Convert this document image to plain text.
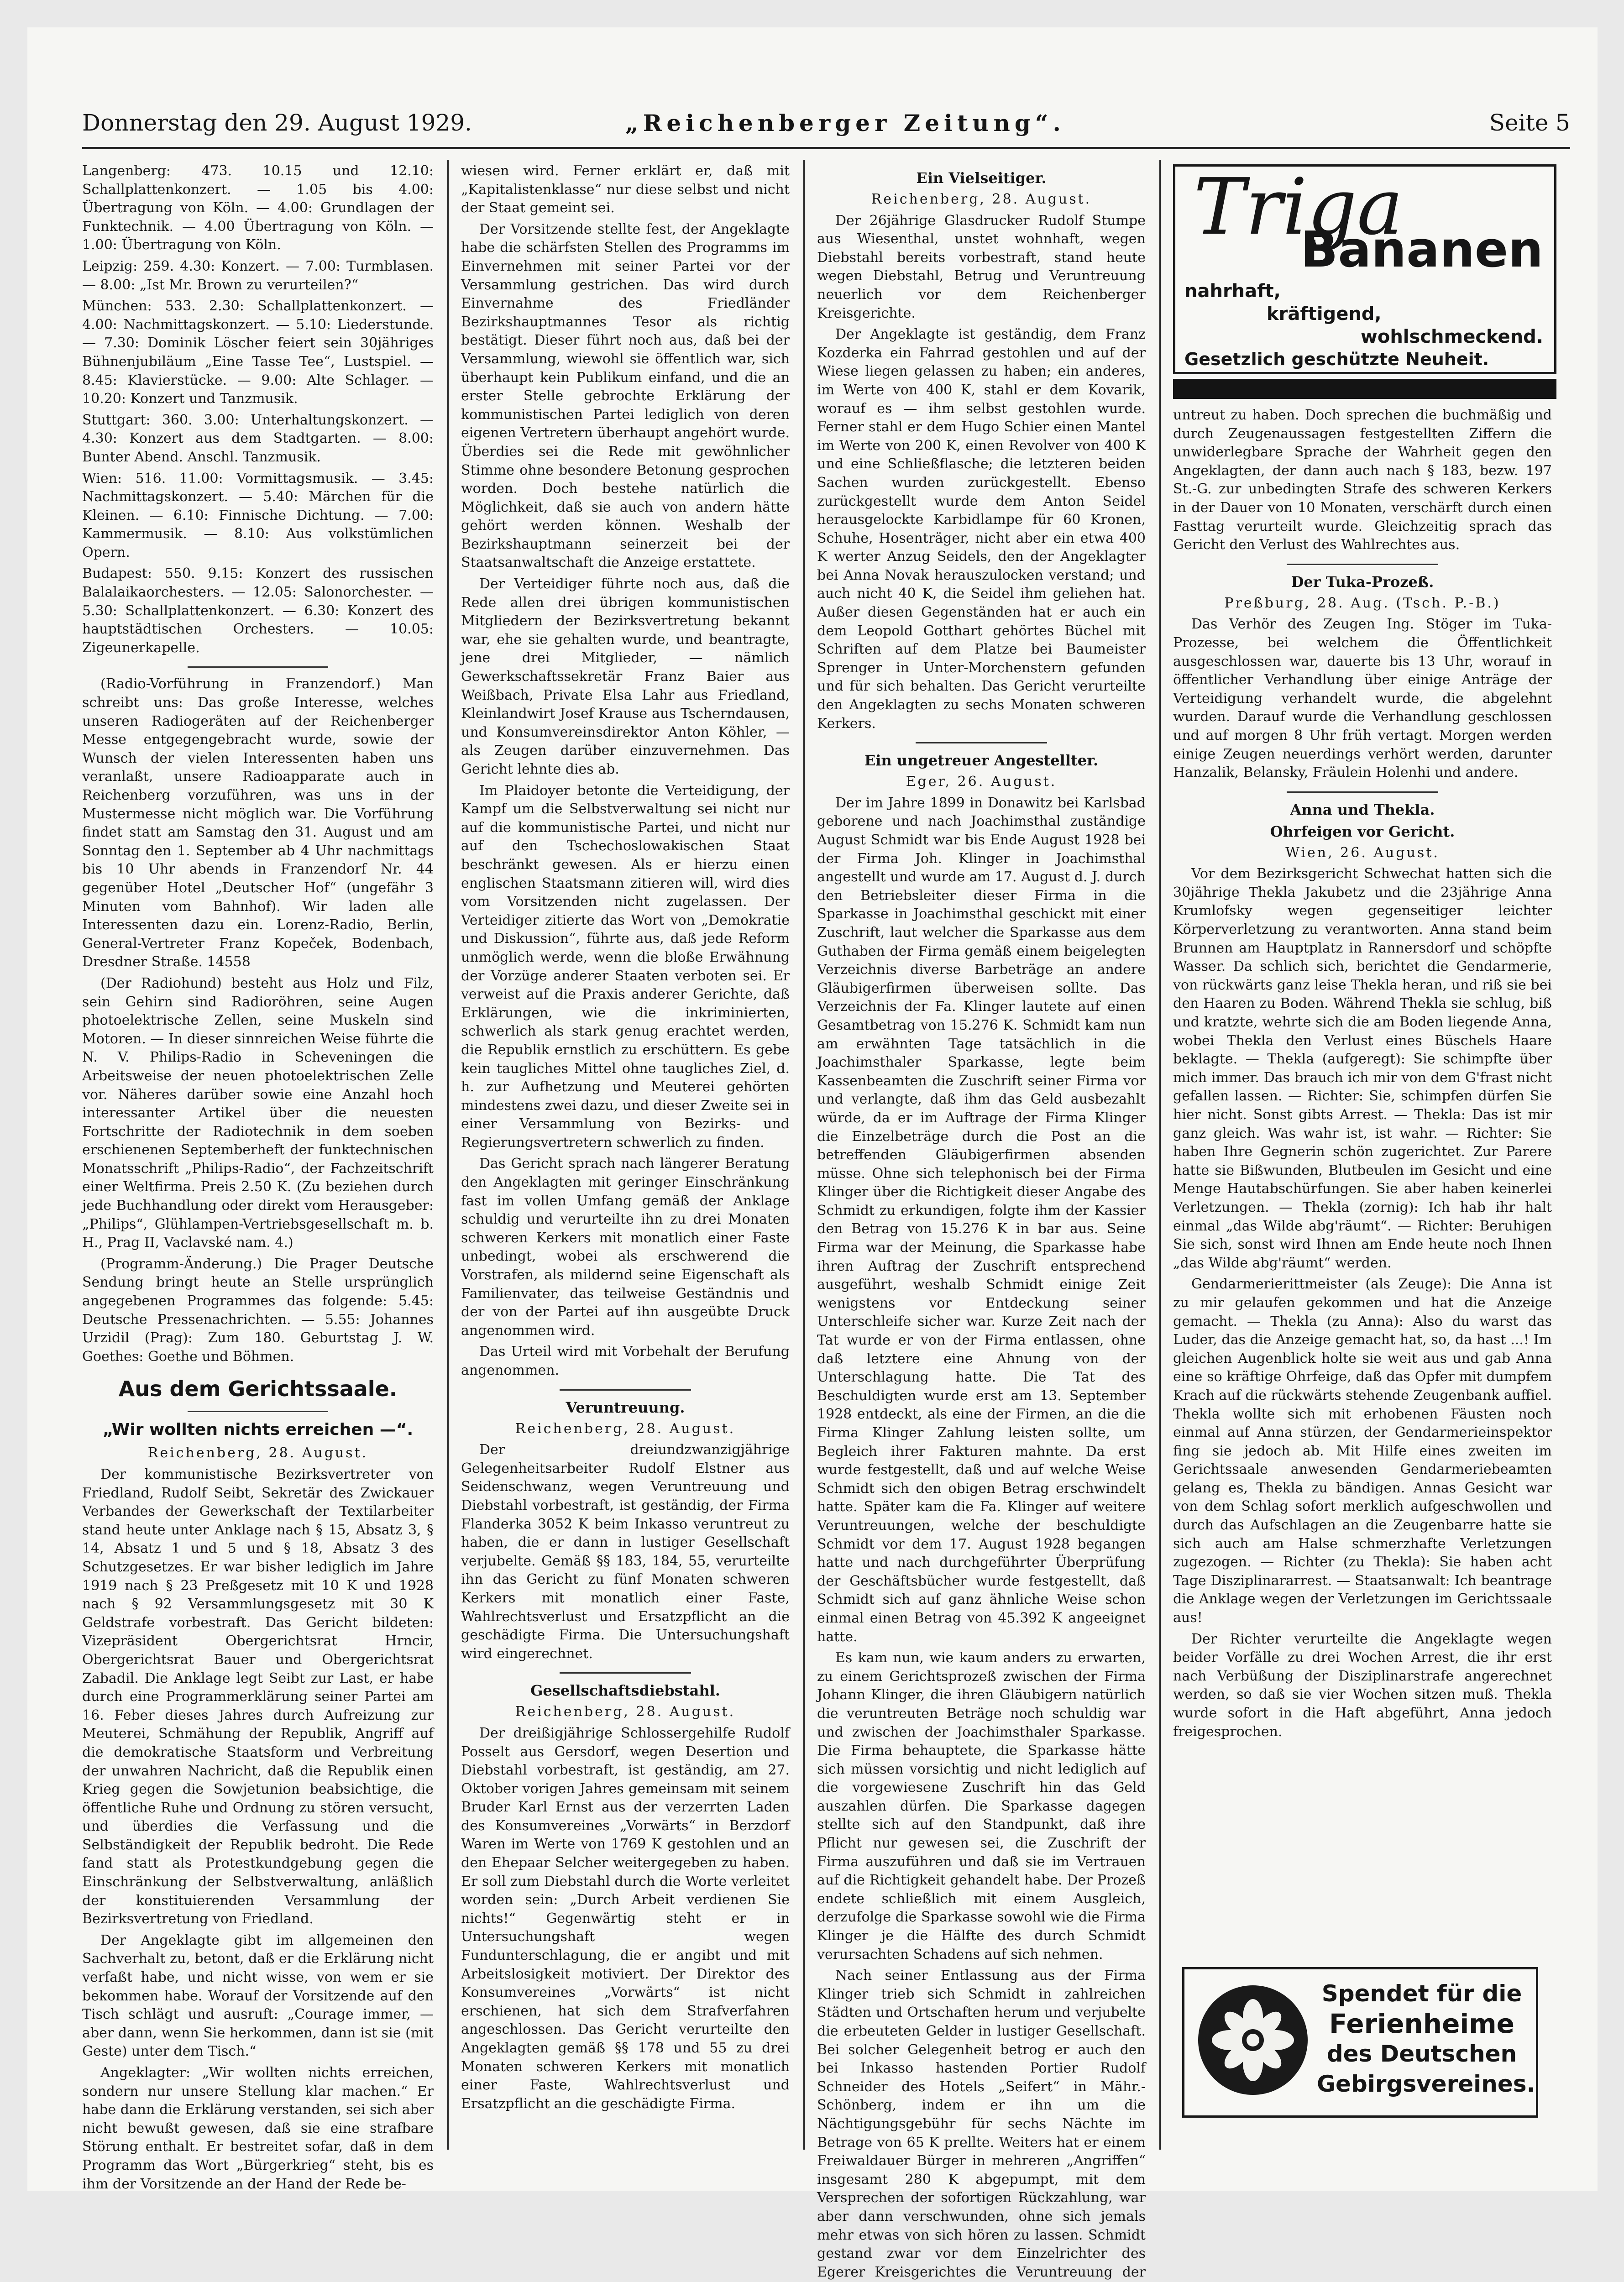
Donnerstag den 29. August 1929.	„Reichenberger Zeitung“.	Seite 5

Langenberg: 473. 10.15 und 12.10: Schallplattenkonzert. — 1.05 bis 4.00: Übertragung von Köln. — 4.00: Grundlagen der Funktechnik. — 4.00 Übertragung von Köln. — 1.00: Übertragung von Köln.

Leipzig: 259. 4.30: Konzert. — 7.00: Turmblasen. — 8.00: „Ist Mr. Brown zu verurteilen?“

München: 533. 2.30: Schallplattenkonzert. — 4.00: Nachmittagskonzert. — 5.10: Liederstunde. — 7.30: Dominik Löscher feiert sein 30jähriges Bühnenjubiläum „Eine Tasse Tee“, Lustspiel. — 8.45: Klavierstücke. — 9.00: Alte Schlager. — 10.20: Konzert und Tanzmusik.

Stuttgart: 360. 3.00: Unterhaltungskonzert. — 4.30: Konzert aus dem Stadtgarten. — 8.00: Bunter Abend. Anschl. Tanzmusik.

Wien: 516. 11.00: Vormittagsmusik. — 3.45: Nachmittagskonzert. — 5.40: Märchen für die Kleinen. — 6.10: Finnische Dichtung. — 7.00: Kammermusik. — 8.10: Aus volkstümlichen Opern.

Budapest: 550. 9.15: Konzert des russischen Balalaikaorchesters. — 12.05: Salonorchester. — 5.30: Schallplattenkonzert. — 6.30: Konzert des hauptstädtischen Orchesters. — 10.05: Zigeunerkapelle.

(Radio-Vorführung in Franzendorf.) Man schreibt uns: Das große Interesse, welches unseren Radiogeräten auf der Reichenberger Messe entgegengebracht wurde, sowie der Wunsch der vielen Interessenten haben uns veranlaßt, unsere Radioapparate auch in Reichenberg vorzuführen, was uns in der Mustermesse nicht möglich war. Die Vorführung findet statt am Samstag den 31. August und am Sonntag den 1. September ab 4 Uhr nachmittags bis 10 Uhr abends in Franzendorf Nr. 44 gegenüber Hotel „Deutscher Hof“ (ungefähr 3 Minuten vom Bahnhof). Wir laden alle Interessenten dazu ein. Lorenz-Radio, Berlin, General-Vertreter Franz Kopeček, Bodenbach, Dresdner Straße. 14558

(Der Radiohund) besteht aus Holz und Filz, sein Gehirn sind Radioröhren, seine Augen photoelektrische Zellen, seine Muskeln sind Motoren. — In dieser sinnreichen Weise führte die N. V. Philips-Radio in Scheveningen die Arbeitsweise der neuen photoelektrischen Zelle vor. Näheres darüber sowie eine Anzahl hoch interessanter Artikel über die neuesten Fortschritte der Radiotechnik in dem soeben erschienenen Septemberheft der funktechnischen Monatsschrift „Philips-Radio“, der Fachzeitschrift einer Weltfirma. Preis 2.50 K. (Zu beziehen durch jede Buchhandlung oder direkt vom Herausgeber: „Philips“, Glühlampen-Vertriebsgesellschaft m. b. H., Prag II, Vaclavské nam. 4.)

(Programm-Änderung.) Die Prager Deutsche Sendung bringt heute an Stelle ursprünglich angegebenen Programmes das folgende: 5.45: Deutsche Pressenachrichten. — 5.55: Johannes Urzidil (Prag): Zum 180. Geburtstag J. W. Goethes: Goethe und Böhmen.

Aus dem Gerichtssaale.
„Wir wollten nichts erreichen —“.
Reichenberg, 28. August.

Der kommunistische Bezirksvertreter von Friedland, Rudolf Seibt, Sekretär des Zwickauer Verbandes der Gewerkschaft der Textilarbeiter stand heute unter Anklage nach § 15, Absatz 3, § 14, Absatz 1 und 5 und § 18, Absatz 3 des Schutzgesetzes. Er war bisher lediglich im Jahre 1919 nach § 23 Preßgesetz mit 10 K und 1928 nach § 92 Versammlungsgesetz mit 30 K Geldstrafe vorbestraft. Das Gericht bildeten: Vizepräsident Obergerichtsrat Hrncir, Obergerichtsrat Bauer und Obergerichtsrat Zabadil. Die Anklage legt Seibt zur Last, er habe durch eine Programmerklärung seiner Partei am 16. Feber dieses Jahres durch Aufreizung zur Meuterei, Schmähung der Republik, Angriff auf die demokratische Staatsform und Verbreitung der unwahren Nachricht, daß die Republik einen Krieg gegen die Sowjetunion beabsichtige, die öffentliche Ruhe und Ordnung zu stören versucht, und überdies die Verfassung und die Selbständigkeit der Republik bedroht. Die Rede fand statt als Protestkundgebung gegen die Einschränkung der Selbstverwaltung, anläßlich der konstituierenden Versammlung der Bezirksvertretung von Friedland.

Der Angeklagte gibt im allgemeinen den Sachverhalt zu, betont, daß er die Erklärung nicht verfaßt habe, und nicht wisse, von wem er sie bekommen habe. Worauf der Vorsitzende auf den Tisch schlägt und ausruft: „Courage immer, — aber dann, wenn Sie herkommen, dann ist sie (mit Geste) unter dem Tisch.“

Angeklagter: „Wir wollten nichts erreichen, sondern nur unsere Stellung klar machen.“ Er habe dann die Erklärung verstanden, sei sich aber nicht bewußt gewesen, daß sie eine strafbare Störung enthalt. Er bestreitet sofar, daß in dem Programm das Wort „Bürgerkrieg“ steht, bis es ihm der Vorsitzende an der Hand der Rede be-

wiesen wird. Ferner erklärt er, daß mit „Kapitalistenklasse“ nur diese selbst und nicht der Staat gemeint sei.

Der Vorsitzende stellte fest, der Angeklagte habe die schärfsten Stellen des Programms im Einvernehmen mit seiner Partei vor der Versammlung gestrichen. Das wird durch Einvernahme des Friedländer Bezirkshauptmannes Tesor als richtig bestätigt. Dieser führt noch aus, daß bei der Versammlung, wiewohl sie öffentlich war, sich überhaupt kein Publikum einfand, und die an erster Stelle gebrochte Erklärung der kommunistischen Partei lediglich von deren eigenen Vertretern überhaupt angehört wurde. Überdies sei die Rede mit gewöhnlicher Stimme ohne besondere Betonung gesprochen worden. Doch bestehe natürlich die Möglichkeit, daß sie auch von andern hätte gehört werden können. Weshalb der Bezirkshauptmann seinerzeit bei der Staatsanwaltschaft die Anzeige erstattete.

Der Verteidiger führte noch aus, daß die Rede allen drei übrigen kommunistischen Mitgliedern der Bezirksvertretung bekannt war, ehe sie gehalten wurde, und beantragte, jene drei Mitglieder, — nämlich Gewerkschaftssekretär Franz Baier aus Weißbach, Private Elsa Lahr aus Friedland, Kleinlandwirt Josef Krause aus Tscherndausen, und Konsumvereinsdirektor Anton Köhler, — als Zeugen darüber einzuvernehmen. Das Gericht lehnte dies ab.

Im Plaidoyer betonte die Verteidigung, der Kampf um die Selbstverwaltung sei nicht nur auf die kommunistische Partei, und nicht nur auf den Tschechoslowakischen Staat beschränkt gewesen. Als er hierzu einen englischen Staatsmann zitieren will, wird dies vom Vorsitzenden nicht zugelassen. Der Verteidiger zitierte das Wort von „Demokratie und Diskussion“, führte aus, daß jede Reform unmöglich werde, wenn die bloße Erwähnung der Vorzüge anderer Staaten verboten sei. Er verweist auf die Praxis anderer Gerichte, daß Erklärungen, wie die inkriminierten, schwerlich als stark genug erachtet werden, die Republik ernstlich zu erschüttern. Es gebe kein taugliches Mittel ohne taugliches Ziel, d. h. zur Aufhetzung und Meuterei gehörten mindestens zwei dazu, und dieser Zweite sei in einer Versammlung von Bezirks- und Regierungsvertretern schwerlich zu finden.

Das Gericht sprach nach längerer Beratung den Angeklagten mit geringer Einschränkung fast im vollen Umfang gemäß der Anklage schuldig und verurteilte ihn zu drei Monaten schweren Kerkers mit monatlich einer Faste unbedingt, wobei als erschwerend die Vorstrafen, als mildernd seine Eigenschaft als Familienvater, das teilweise Geständnis und der von der Partei auf ihn ausgeübte Druck angenommen wird.

Das Urteil wird mit Vorbehalt der Berufung angenommen.

Veruntreuung.
Reichenberg, 28. August.

Der dreiundzwanzigjährige Gelegenheitsarbeiter Rudolf Elstner aus Seidenschwanz, wegen Veruntreuung und Diebstahl vorbestraft, ist geständig, der Firma Flanderka 3052 K beim Inkasso veruntreut zu haben, die er dann in lustiger Gesellschaft verjubelte. Gemäß §§ 183, 184, 55, verurteilte ihn das Gericht zu fünf Monaten schweren Kerkers mit monatlich einer Faste, Wahlrechtsverlust und Ersatzpflicht an die geschädigte Firma. Die Untersuchungshaft wird eingerechnet.

Gesellschaftsdiebstahl.
Reichenberg, 28. August.

Der dreißigjährige Schlossergehilfe Rudolf Posselt aus Gersdorf, wegen Desertion und Diebstahl vorbestraft, ist geständig, am 27. Oktober vorigen Jahres gemeinsam mit seinem Bruder Karl Ernst aus der verzerrten Laden des Konsumvereines „Vorwärts“ in Berzdorf Waren im Werte von 1769 K gestohlen und an den Ehepaar Selcher weitergegeben zu haben. Er soll zum Diebstahl durch die Worte verleitet worden sein: „Durch Arbeit verdienen Sie nichts!“ Gegenwärtig steht er in Untersuchungshaft wegen Fundunterschlagung, die er angibt und mit Arbeitslosigkeit motiviert. Der Direktor des Konsumvereines „Vorwärts“ ist nicht erschienen, hat sich dem Strafverfahren angeschlossen. Das Gericht verurteilte den Angeklagten gemäß §§ 178 und 55 zu drei Monaten schweren Kerkers mit monatlich einer Faste, Wahlrechtsverlust und Ersatzpflicht an die geschädigte Firma.

Ein Vielseitiger.
Reichenberg, 28. August.

Der 26jährige Glasdrucker Rudolf Stumpe aus Wiesenthal, unstet wohnhaft, wegen Diebstahl bereits vorbestraft, stand heute wegen Diebstahl, Betrug und Veruntreuung neuerlich vor dem Reichenberger Kreisgerichte.

Der Angeklagte ist geständig, dem Franz Kozderka ein Fahrrad gestohlen und auf der Wiese liegen gelassen zu haben; ein anderes, im Werte von 400 K, stahl er dem Kovarik, worauf es — ihm selbst gestohlen wurde. Ferner stahl er dem Hugo Schier einen Mantel im Werte von 200 K, einen Revolver von 400 K und eine Schließflasche; die letzteren beiden Sachen wurden zurückgestellt. Ebenso zurückgestellt wurde dem Anton Seidel herausgelockte Karbidlampe für 60 Kronen, Schuhe, Hosenträger, nicht aber ein etwa 400 K werter Anzug Seidels, den der Angeklagter bei Anna Novak herauszulocken verstand; und auch nicht 40 K, die Seidel ihm geliehen hat. Außer diesen Gegenständen hat er auch ein dem Leopold Gotthart gehörtes Büchel mit Schriften auf dem Platze bei Baumeister Sprenger in Unter-Morchenstern gefunden und für sich behalten. Das Gericht verurteilte den Angeklagten zu sechs Monaten schweren Kerkers.

Ein ungetreuer Angestellter.
Eger, 26. August.

Der im Jahre 1899 in Donawitz bei Karlsbad geborene und nach Joachimsthal zuständige August Schmidt war bis Ende August 1928 bei der Firma Joh. Klinger in Joachimsthal angestellt und wurde am 17. August d. J. durch den Betriebsleiter dieser Firma in die Sparkasse in Joachimsthal geschickt mit einer Zuschrift, laut welcher die Sparkasse aus dem Guthaben der Firma gemäß einem beigelegten Verzeichnis diverse Barbeträge an andere Gläubigerfirmen überweisen sollte. Das Verzeichnis der Fa. Klinger lautete auf einen Gesamtbetrag von 15.276 K. Schmidt kam nun am erwähnten Tage tatsächlich in die Joachimsthaler Sparkasse, legte beim Kassenbeamten die Zuschrift seiner Firma vor und verlangte, daß ihm das Geld ausbezahlt würde, da er im Auftrage der Firma Klinger die Einzelbeträge durch die Post an die betreffenden Gläubigerfirmen absenden müsse. Ohne sich telephonisch bei der Firma Klinger über die Richtigkeit dieser Angabe des Schmidt zu erkundigen, folgte ihm der Kassier den Betrag von 15.276 K in bar aus. Seine Firma war der Meinung, die Sparkasse habe ihren Auftrag der Zuschrift entsprechend ausgeführt, weshalb Schmidt einige Zeit wenigstens vor Entdeckung seiner Unterschleife sicher war. Kurze Zeit nach der Tat wurde er von der Firma entlassen, ohne daß letztere eine Ahnung von der Unterschlagung hatte. Die Tat des Beschuldigten wurde erst am 13. September 1928 entdeckt, als eine der Firmen, an die die Firma Klinger Zahlung leisten sollte, um Begleich ihrer Fakturen mahnte. Da erst wurde festgestellt, daß und auf welche Weise Schmidt sich den obigen Betrag erschwindelt hatte. Später kam die Fa. Klinger auf weitere Veruntreuungen, welche der beschuldigte Schmidt vor dem 17. August 1928 begangen hatte und nach durchgeführter Überprüfung der Geschäftsbücher wurde festgestellt, daß Schmidt sich auf ganz ähnliche Weise schon einmal einen Betrag von 45.392 K angeeignet hatte.

Es kam nun, wie kaum anders zu erwarten, zu einem Gerichtsprozeß zwischen der Firma Johann Klinger, die ihren Gläubigern natürlich die veruntreuten Beträge noch schuldig war und zwischen der Joachimsthaler Sparkasse. Die Firma behauptete, die Sparkasse hätte sich müssen vorsichtig und nicht lediglich auf die vorgewiesene Zuschrift hin das Geld auszahlen dürfen. Die Sparkasse dagegen stellte sich auf den Standpunkt, daß ihre Pflicht nur gewesen sei, die Zuschrift der Firma auszuführen und daß sie im Vertrauen auf die Richtigkeit gehandelt habe. Der Prozeß endete schließlich mit einem Ausgleich, derzufolge die Sparkasse sowohl wie die Firma Klinger je die Hälfte des durch Schmidt verursachten Schadens auf sich nehmen.

Nach seiner Entlassung aus der Firma Klinger trieb sich Schmidt in zahlreichen Städten und Ortschaften herum und verjubelte die erbeuteten Gelder in lustiger Gesellschaft. Bei solcher Gelegenheit betrog er auch den bei Inkasso hastenden Portier Rudolf Schneider des Hotels „Seifert“ in Mähr.-Schönberg, indem er ihn um die Nächtigungsgebühr für sechs Nächte im Betrage von 65 K prellte. Weiters hat er einem Freiwaldauer Bürger in mehreren „Angriffen“ insgesamt 280 K abgepumpt, mit dem Versprechen der sofortigen Rückzahlung, war aber dann verschwunden, ohne sich jemals mehr etwas von sich hören zu lassen. Schmidt gestand zwar vor dem Einzelrichter des Egerer Kreisgerichtes die Veruntreuung der

Triga
Bananen
nahrhaft,
kräftigend,
wohlschmeckend.
Gesetzlich geschützte Neuheit.

untreut zu haben. Doch sprechen die buchmäßig und durch Zeugenaussagen festgestellten Ziffern die unwiderlegbare Sprache der Wahrheit gegen den Angeklagten, der dann auch nach § 183, bezw. 197 St.-G. zur unbedingten Strafe des schweren Kerkers in der Dauer von 10 Monaten, verschärft durch einen Fasttag verurteilt wurde. Gleichzeitig sprach das Gericht den Verlust des Wahlrechtes aus.

Der Tuka-Prozeß.
Preßburg, 28. Aug. (Tsch. P.-B.)

Das Verhör des Zeugen Ing. Stöger im Tuka-Prozesse, bei welchem die Öffentlichkeit ausgeschlossen war, dauerte bis 13 Uhr, worauf in öffentlicher Verhandlung über einige Anträge der Verteidigung verhandelt wurde, die abgelehnt wurden. Darauf wurde die Verhandlung geschlossen und auf morgen 8 Uhr früh vertagt. Morgen werden einige Zeugen neuerdings verhört werden, darunter Hanzalik, Belansky, Fräulein Holenhi und andere.

Anna und Thekla.
Ohrfeigen vor Gericht.
Wien, 26. August.

Vor dem Bezirksgericht Schwechat hatten sich die 30jährige Thekla Jakubetz und die 23jährige Anna Krumlofsky wegen gegenseitiger leichter Körperverletzung zu verantworten. Anna stand beim Brunnen am Hauptplatz in Rannersdorf und schöpfte Wasser. Da schlich sich, berichtet die Gendarmerie, von rückwärts ganz leise Thekla heran, und riß sie bei den Haaren zu Boden. Während Thekla sie schlug, biß und kratzte, wehrte sich die am Boden liegende Anna, wobei Thekla den Verlust eines Büschels Haare beklagte. — Thekla (aufgeregt): Sie schimpfte über mich immer. Das brauch ich mir von dem G'frast nicht gefallen lassen. — Richter: Sie, schimpfen dürfen Sie hier nicht. Sonst gibts Arrest. — Thekla: Das ist mir ganz gleich. Was wahr ist, ist wahr. — Richter: Sie haben Ihre Gegnerin schön zugerichtet. Zur Parere hatte sie Bißwunden, Blutbeulen im Gesicht und eine Menge Hautabschürfungen. Sie aber haben keinerlei Verletzungen. — Thekla (zornig): Ich hab ihr halt einmal „das Wilde abg'räumt“. — Richter: Beruhigen Sie sich, sonst wird Ihnen am Ende heute noch Ihnen „das Wilde abg'räumt“ werden.

Gendarmerierittmeister (als Zeuge): Die Anna ist zu mir gelaufen gekommen und hat die Anzeige gemacht. — Thekla (zu Anna): Also du warst das Luder, das die Anzeige gemacht hat, so, da hast ...! Im gleichen Augenblick holte sie weit aus und gab Anna eine so kräftige Ohrfeige, daß das Opfer mit dumpfem Krach auf die rückwärts stehende Zeugenbank auffiel. Thekla wollte sich mit erhobenen Fäusten noch einmal auf Anna stürzen, der Gendarmerieinspektor fing sie jedoch ab. Mit Hilfe eines zweiten im Gerichtssaale anwesenden Gendarmeriebeamten gelang es, Thekla zu bändigen. Annas Gesicht war von dem Schlag sofort merklich aufgeschwollen und durch das Aufschlagen an die Zeugenbarre hatte sie sich auch am Halse schmerzhafte Verletzungen zugezogen. — Richter (zu Thekla): Sie haben acht Tage Disziplinararrest. — Staatsanwalt: Ich beantrage die Anklage wegen der Verletzungen im Gerichtssaale aus!

Der Richter verurteilte die Angeklagte wegen beider Vorfälle zu drei Wochen Arrest, die ihr erst nach Verbüßung der Disziplinarstrafe angerechnet werden, so daß sie vier Wochen sitzen muß. Thekla wurde sofort in die Haft abgeführt, Anna jedoch freigesprochen.

Spendet für die
Ferienheime
des Deutschen
Gebirgsvereines.
